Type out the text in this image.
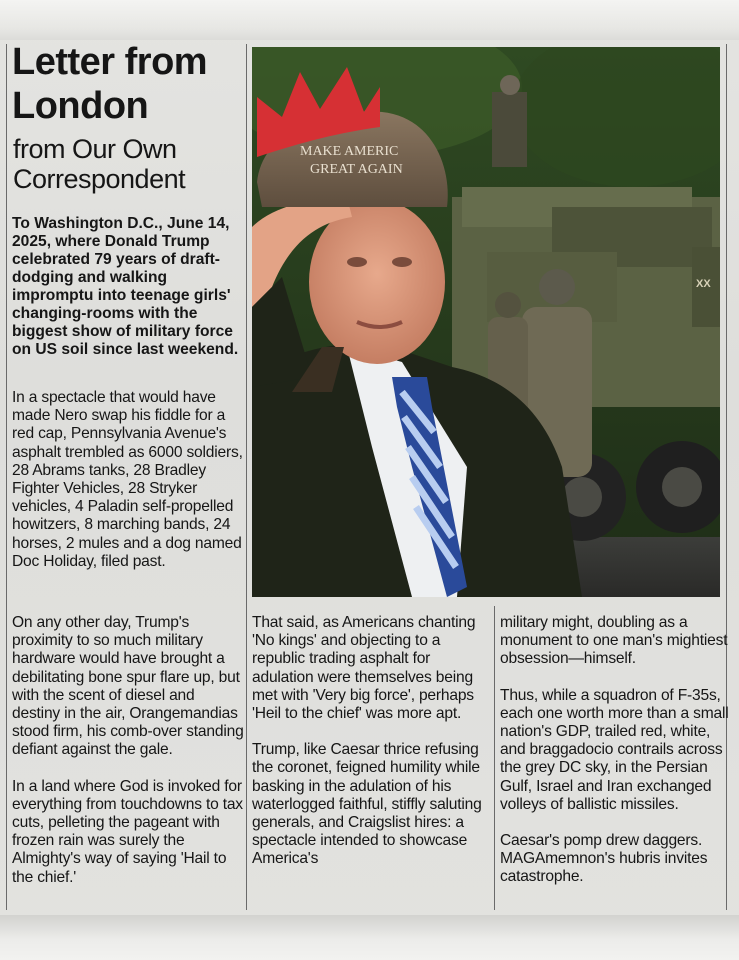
Letter from London
from Our Own Correspondent
To Washington D.C., June 14, 2025, where Donald Trump celebrated 79 years of draft-dodging and walking impromptu into teenage girls' changing-rooms with the biggest show of military force on US soil since last weekend.
XX
MAKE AMERIC
GREAT AGAIN

In a spectacle that would have made Nero swap his fiddle for a red cap, Pennsylvania Avenue's asphalt trembled as 6000 soldiers, 28 Abrams tanks, 28 Bradley Fighter Vehicles, 28 Stryker vehicles, 4 Paladin self-propelled howitzers, 8 marching bands, 24 horses, 2 mules and a dog named Doc Holiday, filed past.

On any other day, Trump's proximity to so much military hardware would have brought a debilitating bone spur flare up, but with the scent of diesel and destiny in the air, Orangemandias stood firm, his comb-over standing defiant against the gale.

In a land where God is invoked for everything from touchdowns to tax cuts, pelleting the pageant with frozen rain was surely the Almighty's way of saying 'Hail to the chief.'

That said, as Americans chanting 'No kings' and objecting to a republic trading asphalt for adulation were themselves being met with 'Very big force', perhaps 'Heil to the chief' was more apt.

Trump, like Caesar thrice refusing the coronet, feigned humility while basking in the adulation of his waterlogged faithful, stiffly saluting generals, and Craigslist hires: a spectacle intended to showcase America's

military might, doubling as a monument to one man's mightiest obsession—himself.

Thus, while a squadron of F-35s, each one worth more than a small nation's GDP, trailed red, white, and braggadocio contrails across the grey DC sky, in the Persian Gulf, Israel and Iran exchanged volleys of ballistic missiles.

Caesar's pomp drew daggers. MAGAmemnon's hubris invites catastrophe.
